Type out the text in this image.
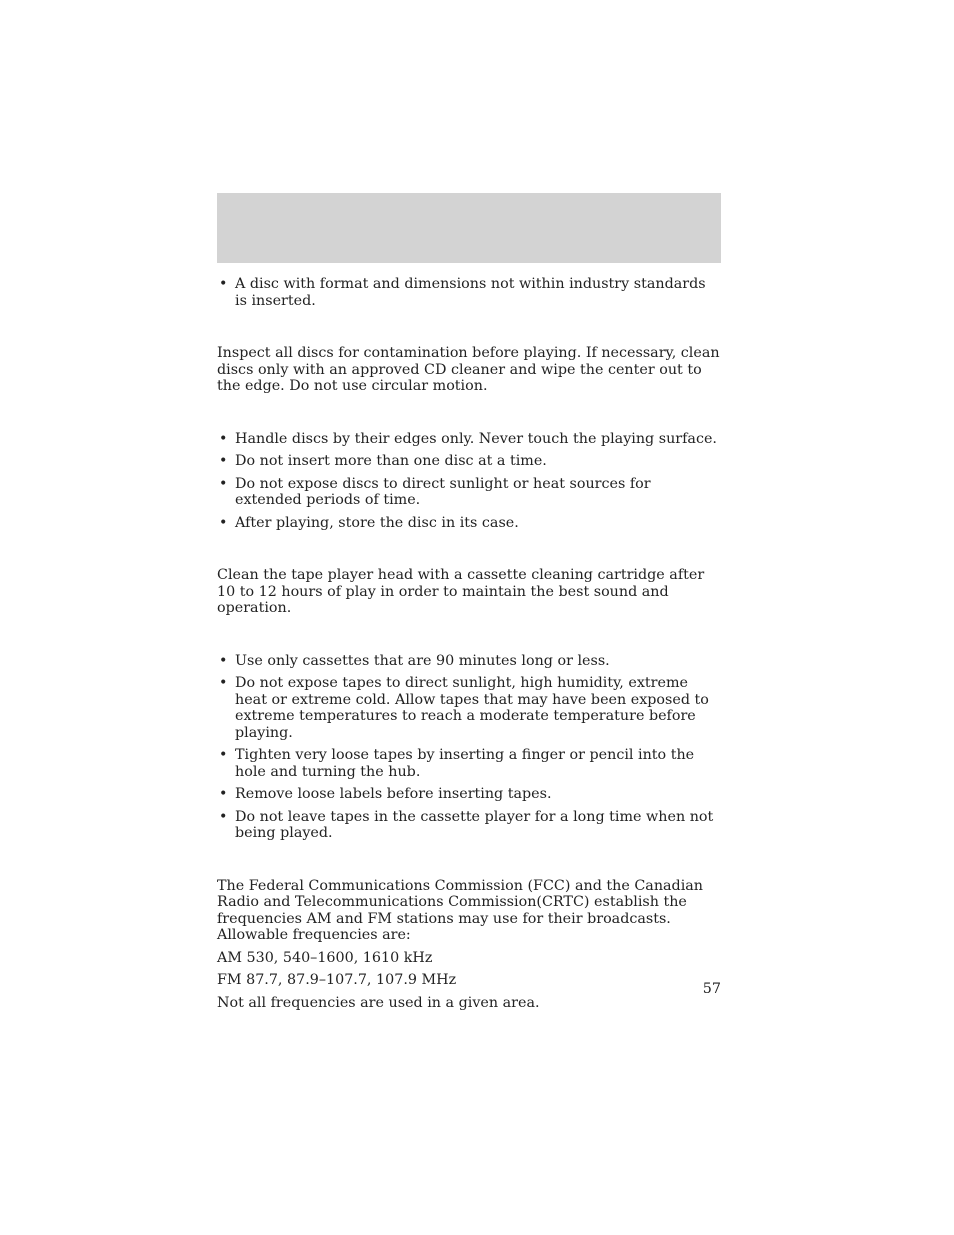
• A disc with format and dimensions not within industry standards is inserted.

Inspect all discs for contamination before playing. If necessary, clean discs only with an approved CD cleaner and wipe the center out to the edge. Do not use circular motion.

• Handle discs by their edges only. Never touch the playing surface.
• Do not insert more than one disc at a time.
• Do not expose discs to direct sunlight or heat sources for extended periods of time.
• After playing, store the disc in its case.

Clean the tape player head with a cassette cleaning cartridge after 10 to 12 hours of play in order to maintain the best sound and operation.

• Use only cassettes that are 90 minutes long or less.
• Do not expose tapes to direct sunlight, high humidity, extreme heat or extreme cold. Allow tapes that may have been exposed to extreme temperatures to reach a moderate temperature before playing.
• Tighten very loose tapes by inserting a finger or pencil into the hole and turning the hub.
• Remove loose labels before inserting tapes.
• Do not leave tapes in the cassette player for a long time when not being played.

The Federal Communications Commission (FCC) and the Canadian Radio and Telecommunications Commission(CRTC) establish the frequencies AM and FM stations may use for their broadcasts. Allowable frequencies are:

AM 530, 540–1600, 1610 kHz

FM 87.7, 87.9–107.7, 107.9 MHz

Not all frequencies are used in a given area.

57
